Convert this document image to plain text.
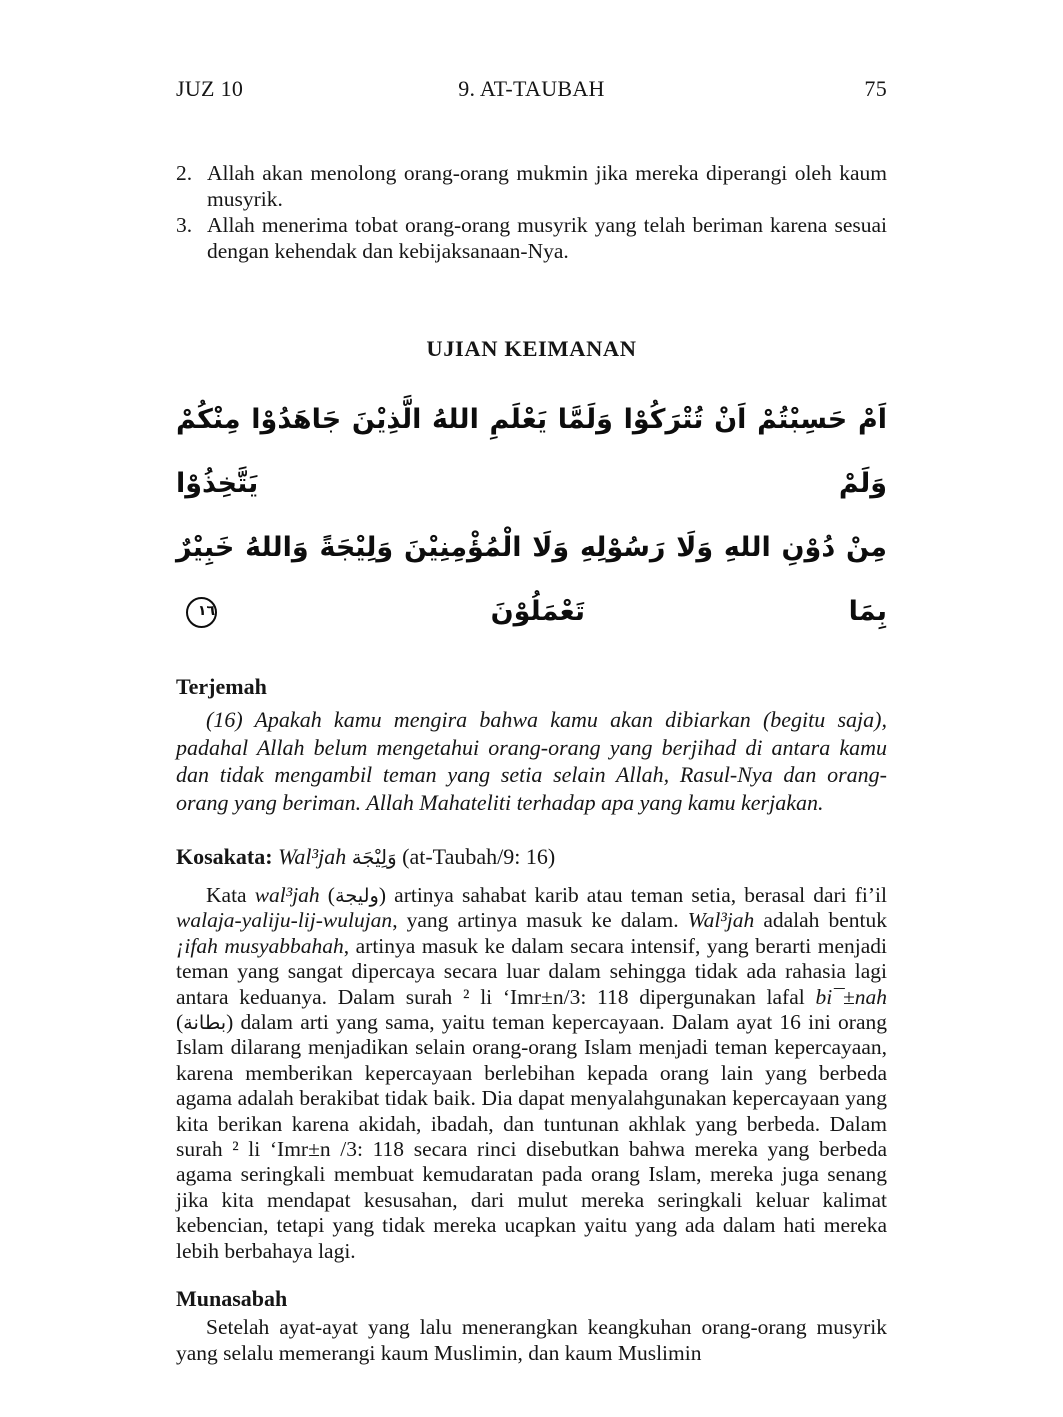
JUZ 10	9. AT-TAUBAH	75
2. Allah akan menolong orang-orang mukmin jika mereka diperangi oleh kaum musyrik.
3. Allah menerima tobat orang-orang musyrik yang telah beriman karena sesuai dengan kehendak dan kebijaksanaan-Nya.
UJIAN KEIMANAN
اَمْ حَسِبْتُمْ اَنْ تُتْرَكُوْا وَلَمَّا يَعْلَمِ اللهُ الَّذِيْنَ جَاهَدُوْا مِنْكُمْ وَلَمْ يَتَّخِذُوْا
مِنْ دُوْنِ اللهِ وَلَا رَسُوْلِهِ وَلَا الْمُؤْمِنِيْنَ وَلِيْجَةً وَاللهُ خَبِيْرٌ بِمَا تَعْمَلُوْنَ ١٦
Terjemah
(16) Apakah kamu mengira bahwa kamu akan dibiarkan (begitu saja), padahal Allah belum mengetahui orang-orang yang berjihad di antara kamu dan tidak mengambil teman yang setia selain Allah, Rasul-Nya dan orang-orang yang beriman. Allah Mahateliti terhadap apa yang kamu kerjakan.
Kosakata: Wal³jah وَلِيْجَة (at-Taubah/9: 16)
Kata wal³jah (وليجة) artinya sahabat karib atau teman setia, berasal dari fi’il walaja-yaliju-lij-wulujan, yang artinya masuk ke dalam. Wal³jah adalah bentuk ¡ifah musyabbahah, artinya masuk ke dalam secara intensif, yang berarti menjadi teman yang sangat dipercaya secara luar dalam sehingga tidak ada rahasia lagi antara keduanya. Dalam surah ² li ‘Imr±n/3: 118 dipergunakan lafal bi¯±nah (بطانة) dalam arti yang sama, yaitu teman kepercayaan. Dalam ayat 16 ini orang Islam dilarang menjadikan selain orang-orang Islam menjadi teman kepercayaan, karena memberikan kepercayaan berlebihan kepada orang lain yang berbeda agama adalah berakibat tidak baik. Dia dapat menyalahgunakan kepercayaan yang kita berikan karena akidah, ibadah, dan tuntunan akhlak yang berbeda. Dalam surah ² li ‘Imr±n /3: 118 secara rinci disebutkan bahwa mereka yang berbeda agama seringkali membuat kemudaratan pada orang Islam, mereka juga senang jika kita mendapat kesusahan, dari mulut mereka seringkali keluar kalimat kebencian, tetapi yang tidak mereka ucapkan yaitu yang ada dalam hati mereka lebih berbahaya lagi.
Munasabah
Setelah ayat-ayat yang lalu menerangkan keangkuhan orang-orang musyrik yang selalu memerangi kaum Muslimin, dan kaum Muslimin
